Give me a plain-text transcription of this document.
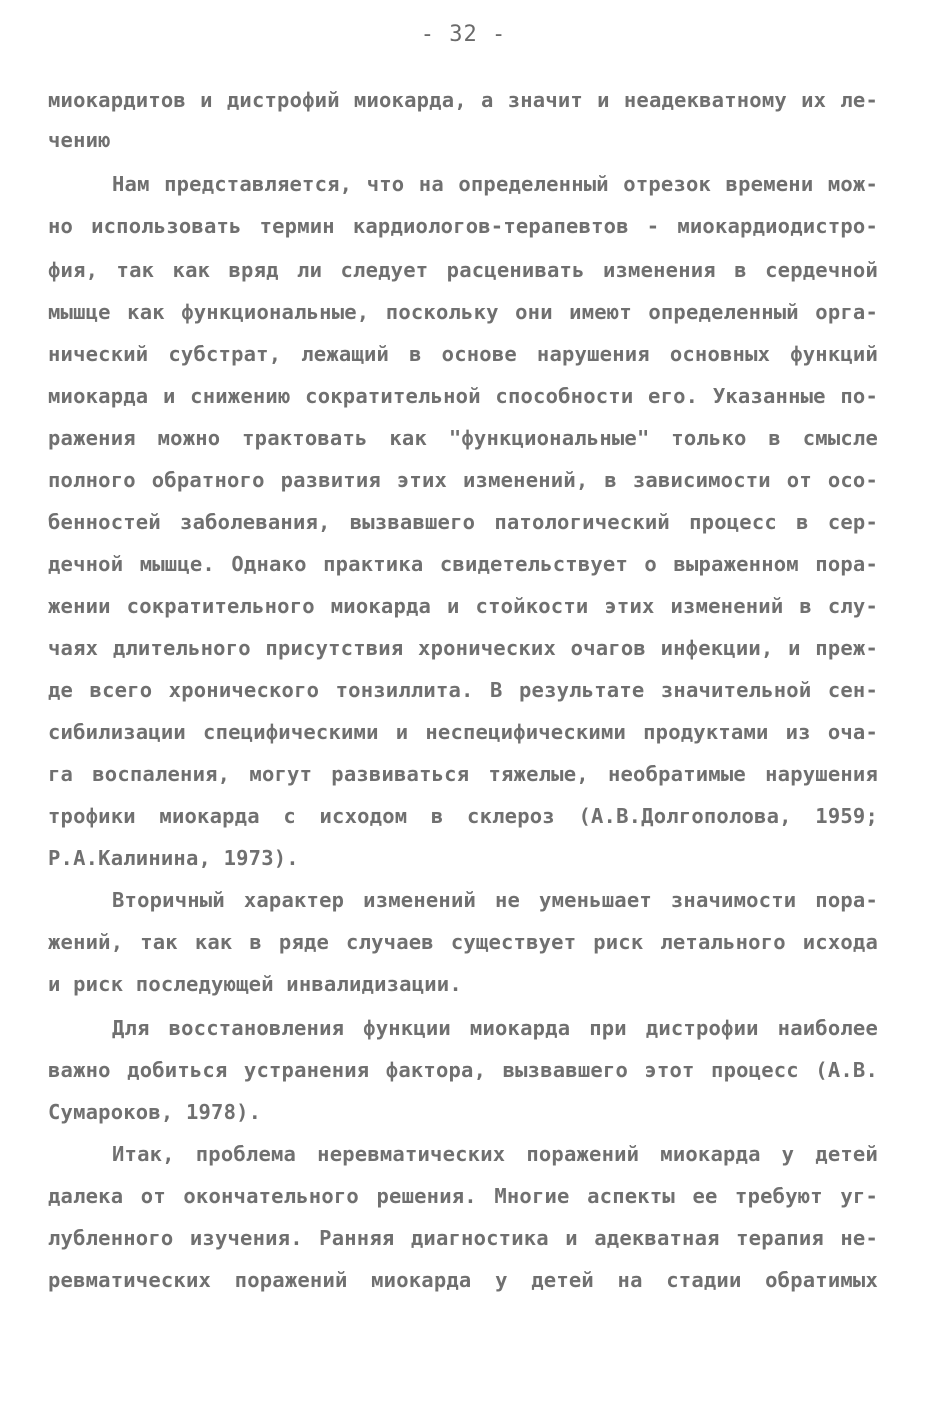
- 32 -
миокардитов и дистрофий миокарда, а значит и неадекватному их ле-
чению
Нам представляется, что на определенный отрезок времени мож-
но использовать термин кардиологов-терапевтов - миокардиодистро-
фия, так как вряд ли следует расценивать изменения в сердечной
мышце как функциональные, поскольку они имеют определенный орга-
нический субстрат, лежащий в основе нарушения основных функций
миокарда и снижению сократительной способности его. Указанные по-
ражения можно трактовать как "функциональные" только в смысле
полного обратного развития этих изменений, в зависимости от осо-
бенностей заболевания, вызвавшего патологический процесс в сер-
дечной мышце. Однако практика свидетельствует о выраженном пора-
жении сократительного миокарда и стойкости этих изменений в слу-
чаях длительного присутствия хронических очагов инфекции, и преж-
де всего хронического тонзиллита. В результате значительной сен-
сибилизации специфическими и неспецифическими продуктами из оча-
га воспаления, могут развиваться тяжелые, необратимые нарушения
трофики миокарда с исходом в склероз (А.В.Долгополова, 1959;
Р.А.Калинина, 1973).
Вторичный характер изменений не уменьшает значимости пора-
жений, так как в ряде случаев существует риск летального исхода
и риск последующей инвалидизации.
Для восстановления функции миокарда при дистрофии наиболее
важно добиться устранения фактора, вызвавшего этот процесс (А.В.
Сумароков, 1978).
Итак, проблема неревматических поражений миокарда у детей
далека от окончательного решения. Многие аспекты ее требуют уг-
лубленного изучения. Ранняя диагностика и адекватная терапия не-
ревматических поражений миокарда у детей на стадии обратимых
